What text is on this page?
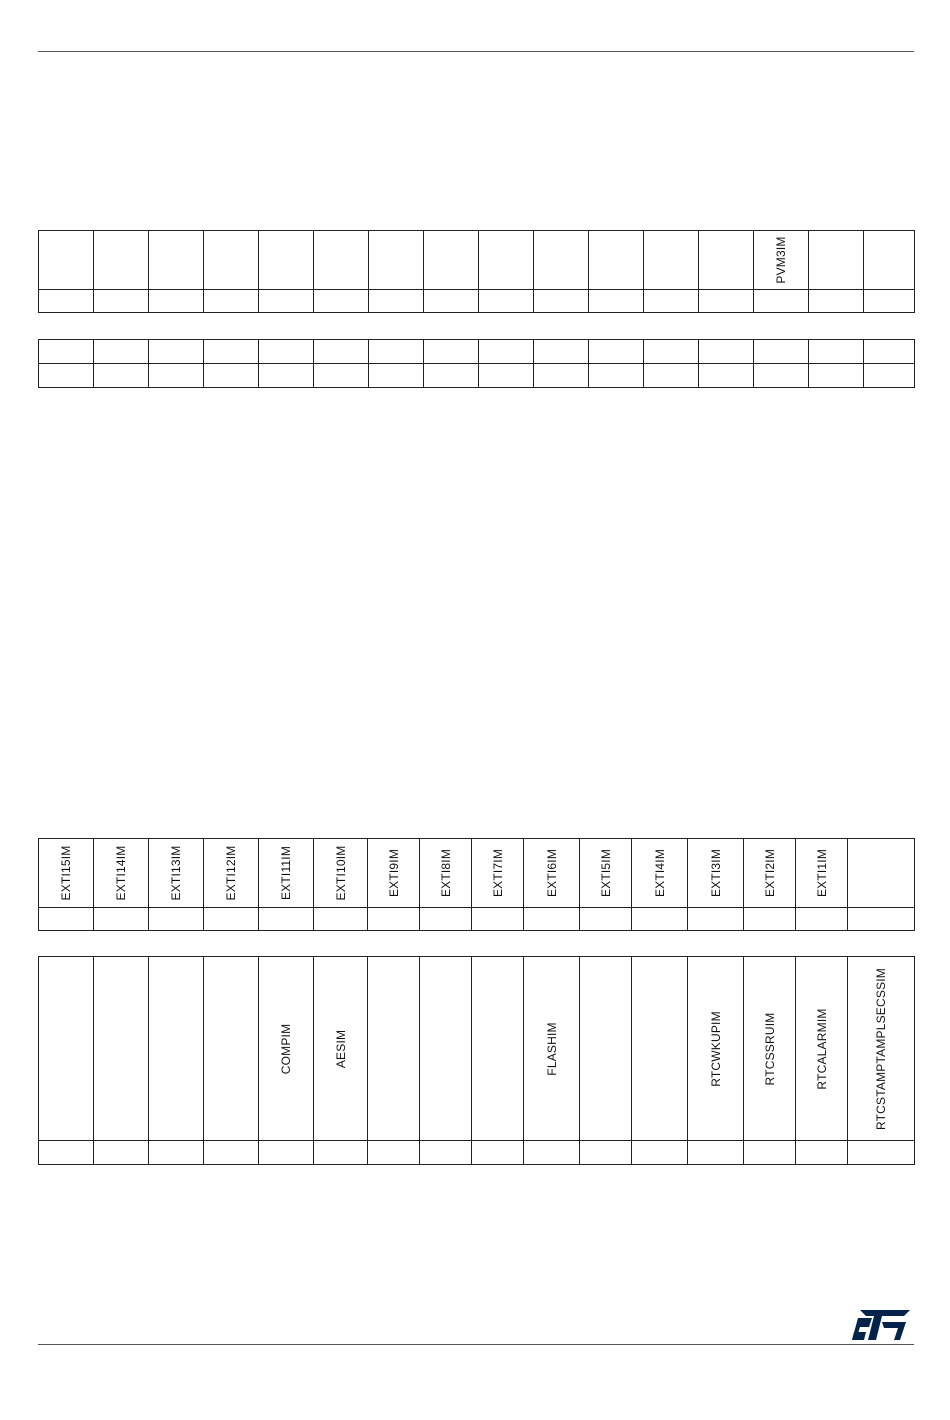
													PVM3IM		

EXTI15IM	EXTI14IM	EXTI13IM	EXTI12IM	EXTI11IM	EXTI10IM	EXTI9IM	EXTI8IM	EXTI7IM	EXTI6IM	EXTI5IM	EXTI4IM	EXTI3IM	EXTI2IM	EXTI1IM	

				COMPIM	AESIM				FLASHIM			RTCWKUPIM	RTCSSRUIM	RTCALARMIM	RTCSTAMPTAMPLSECSSIM
